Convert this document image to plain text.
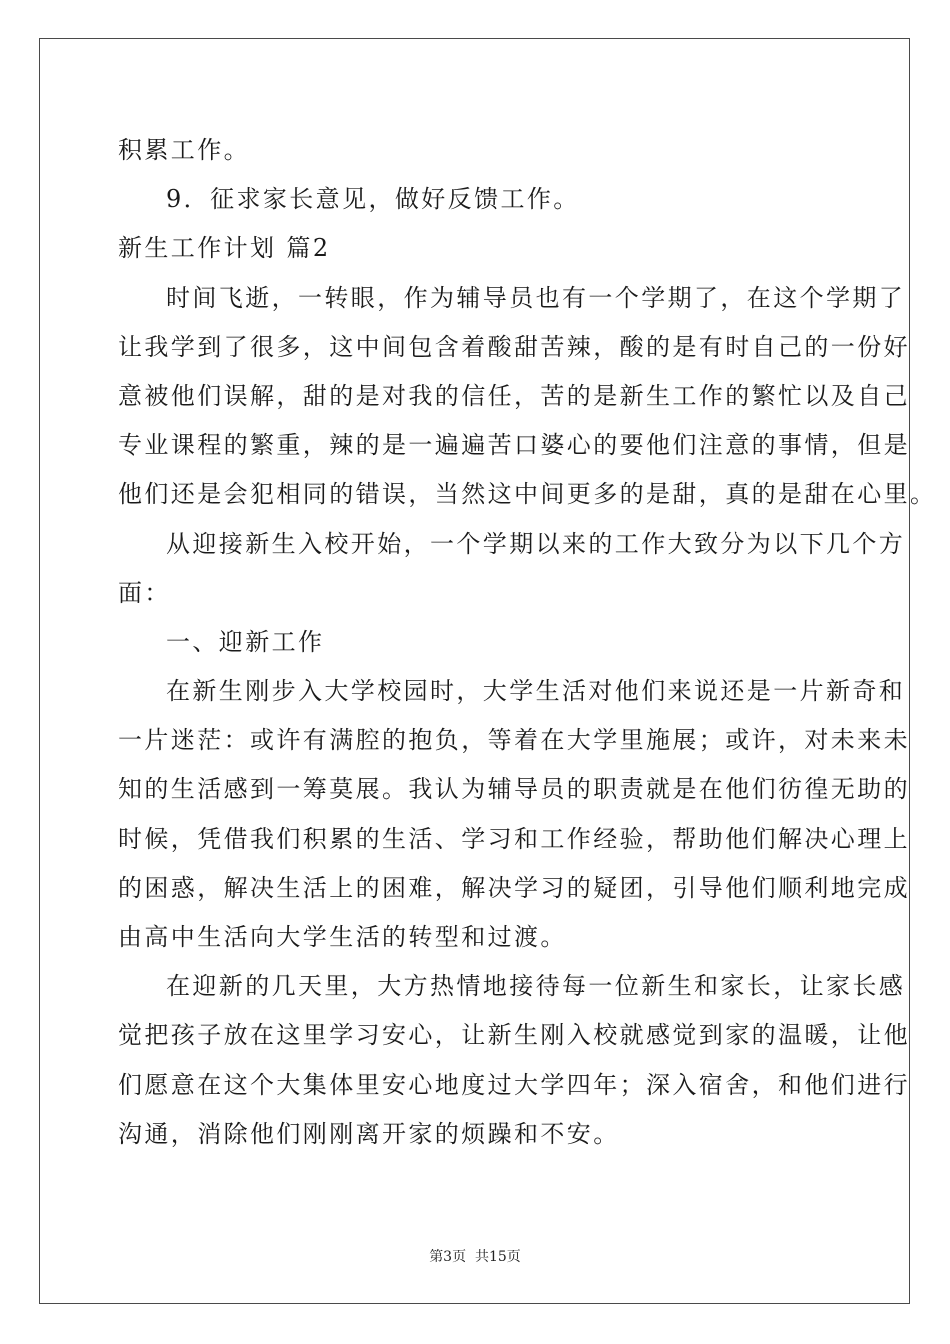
积累工作。
9．征求家长意见，做好反馈工作。
新生工作计划 篇2
时间飞逝，一转眼，作为辅导员也有一个学期了，在这个学期了
让我学到了很多，这中间包含着酸甜苦辣，酸的是有时自己的一份好
意被他们误解，甜的是对我的信任，苦的是新生工作的繁忙以及自己
专业课程的繁重，辣的是一遍遍苦口婆心的要他们注意的事情，但是
他们还是会犯相同的错误，当然这中间更多的是甜，真的是甜在心里。
从迎接新生入校开始，一个学期以来的工作大致分为以下几个方
面：
一、迎新工作
在新生刚步入大学校园时，大学生活对他们来说还是一片新奇和
一片迷茫：或许有满腔的抱负，等着在大学里施展；或许，对未来未
知的生活感到一筹莫展。我认为辅导员的职责就是在他们彷徨无助的
时候，凭借我们积累的生活、学习和工作经验，帮助他们解决心理上
的困惑，解决生活上的困难，解决学习的疑团，引导他们顺利地完成
由高中生活向大学生活的转型和过渡。
在迎新的几天里，大方热情地接待每一位新生和家长，让家长感
觉把孩子放在这里学习安心，让新生刚入校就感觉到家的温暖，让他
们愿意在这个大集体里安心地度过大学四年；深入宿舍，和他们进行
沟通，消除他们刚刚离开家的烦躁和不安。
第3页  共15页
